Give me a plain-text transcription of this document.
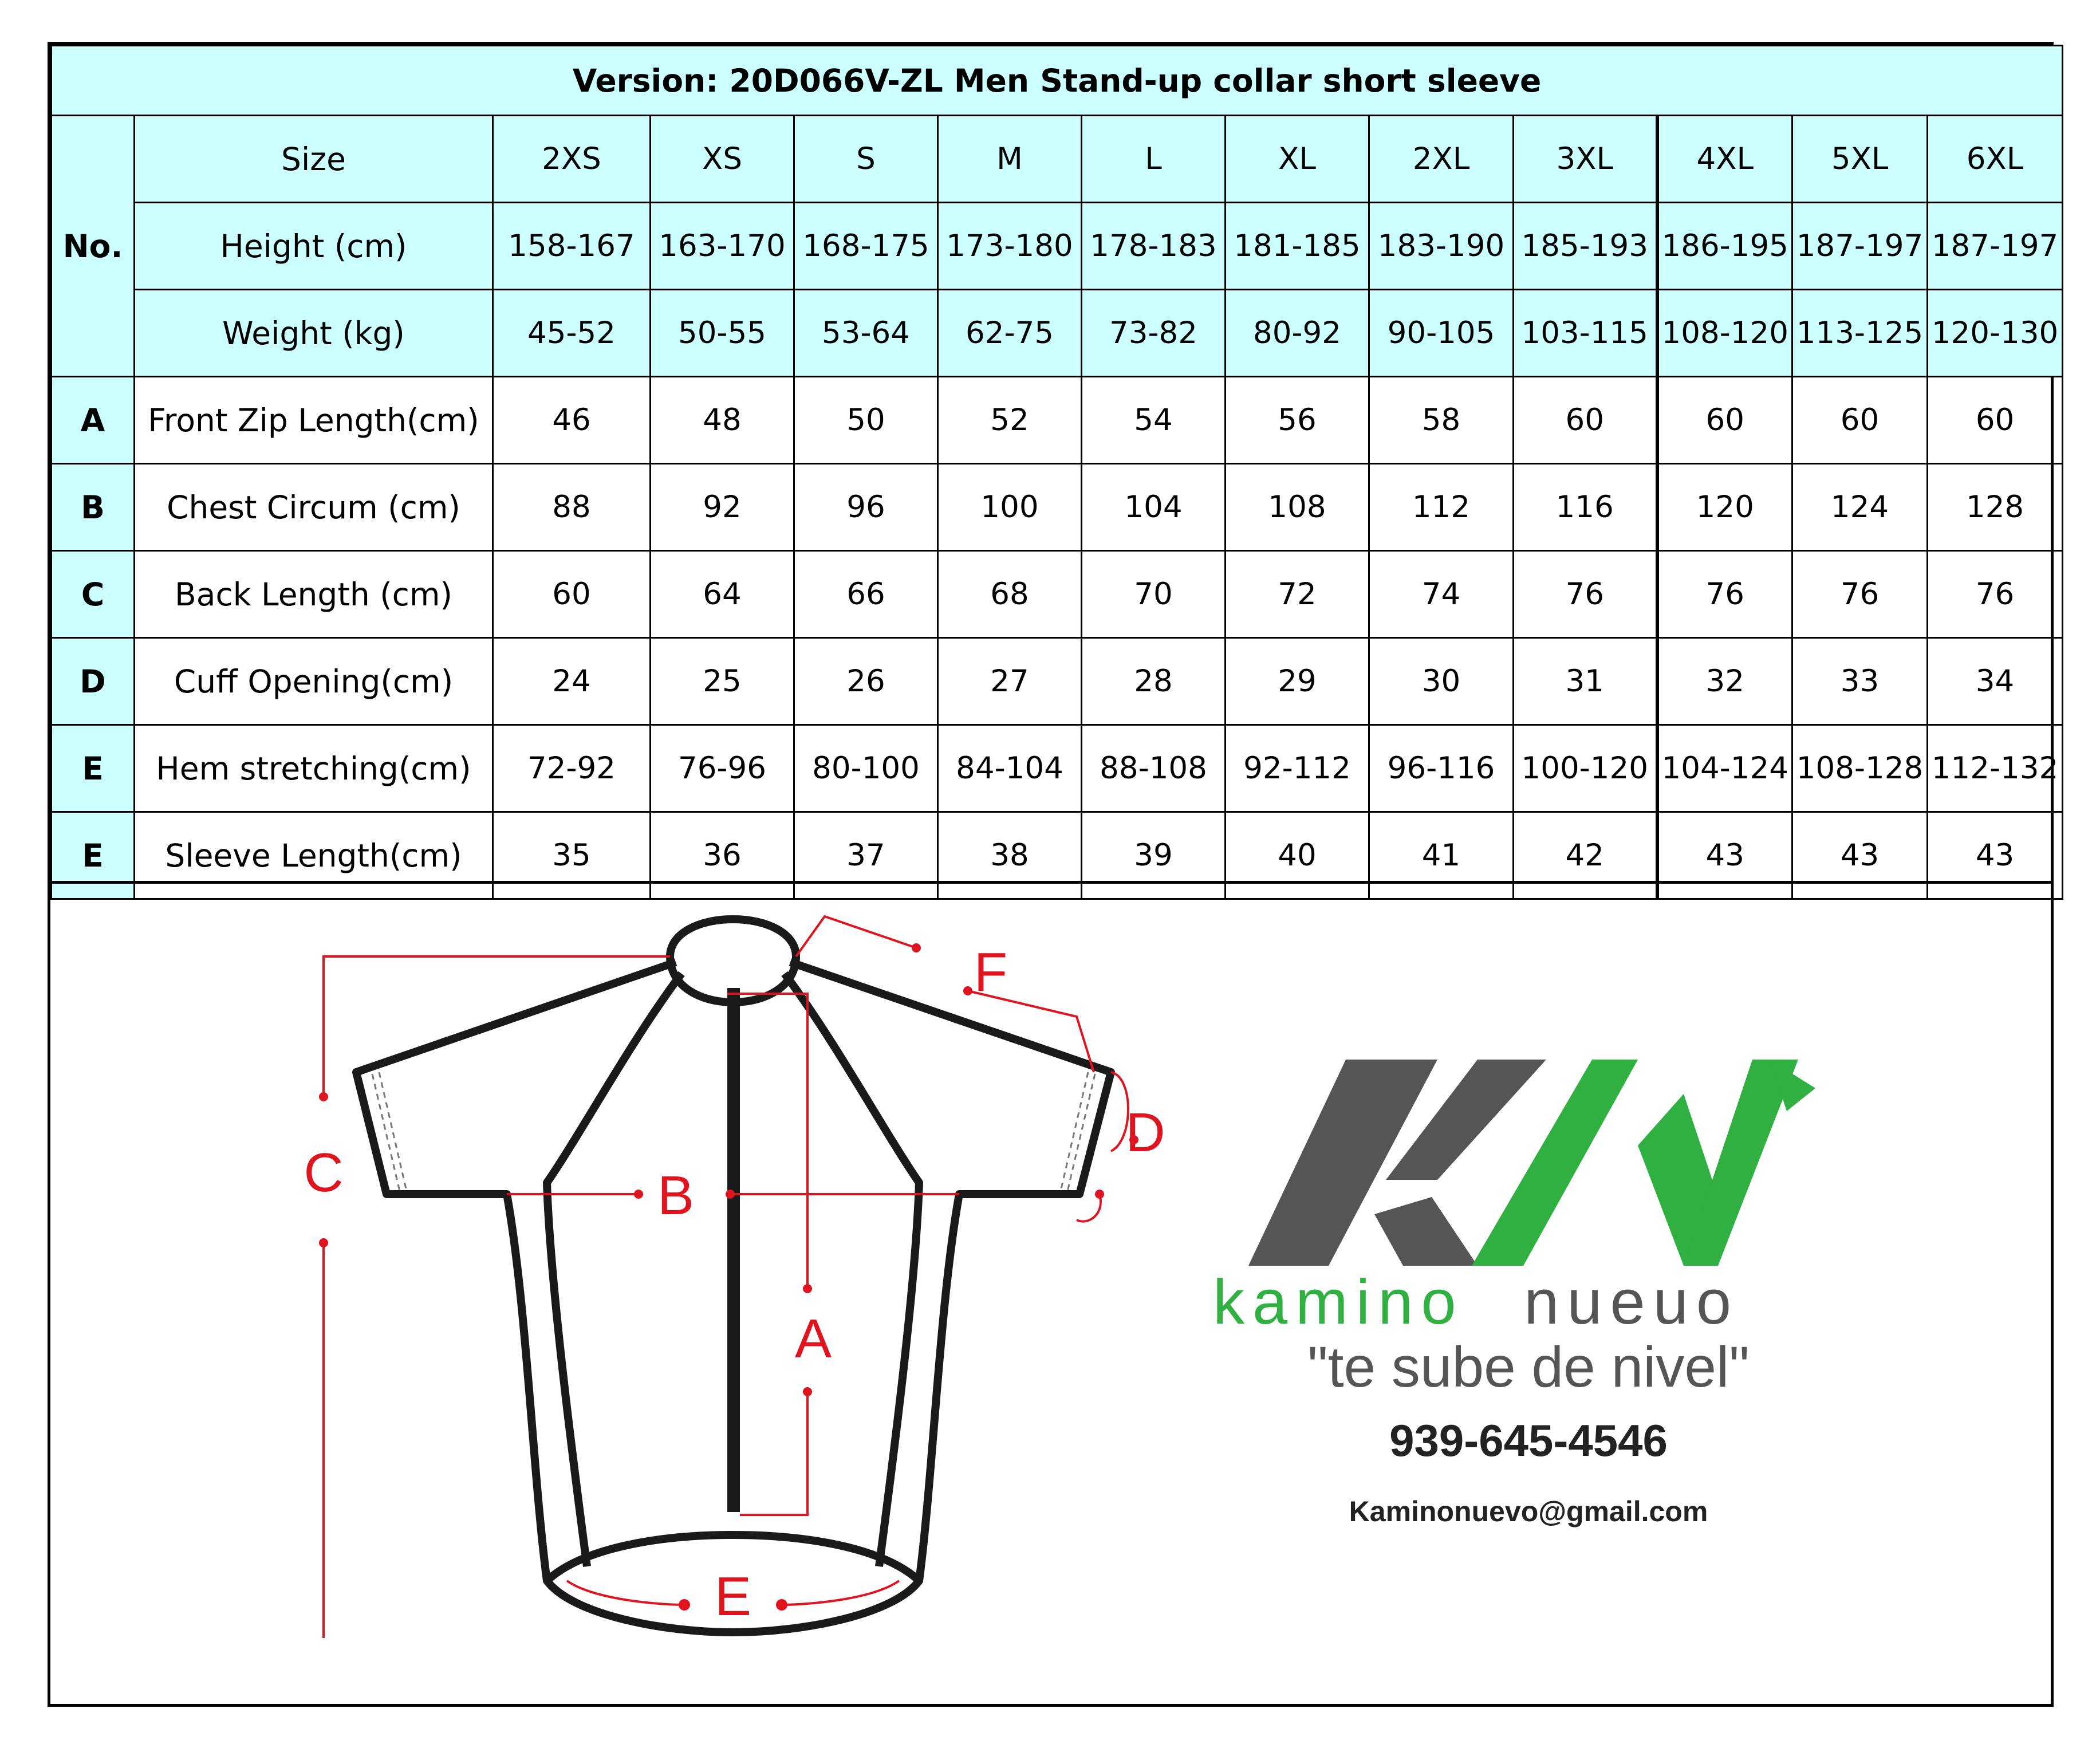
Version: 20D066V-ZL Men Stand-up collar short sleeve												
No.	Size	2XS	XS	S	M	L	XL	2XL	3XL	4XL	5XL	6XL
	Height (cm)	158-167	163-170	168-175	173-180	178-183	181-185	183-190	185-193	186-195	187-197	187-197
	Weight (kg)	45-52	50-55	53-64	62-75	73-82	80-92	90-105	103-115	108-120	113-125	120-130
A	Front Zip Length(cm)	46	48	50	52	54	56	58	60	60	60	60
B	Chest Circum (cm)	88	92	96	100	104	108	112	116	120	124	128
C	Back Length (cm)	60	64	66	68	70	72	74	76	76	76	76
D	Cuff Opening(cm)	24	25	26	27	28	29	30	31	32	33	34
E	Hem stretching(cm)	72-92	76-96	80-100	84-104	88-108	92-112	96-116	100-120	104-124	108-128	112-132
E	Sleeve Length(cm)	35	36	37	38	39	40	41	42	43	43	43
C	B
A
F
D
E
kamino nueuo
"te sube de nivel"
939-645-4546
Kaminonuevo@gmail.com
